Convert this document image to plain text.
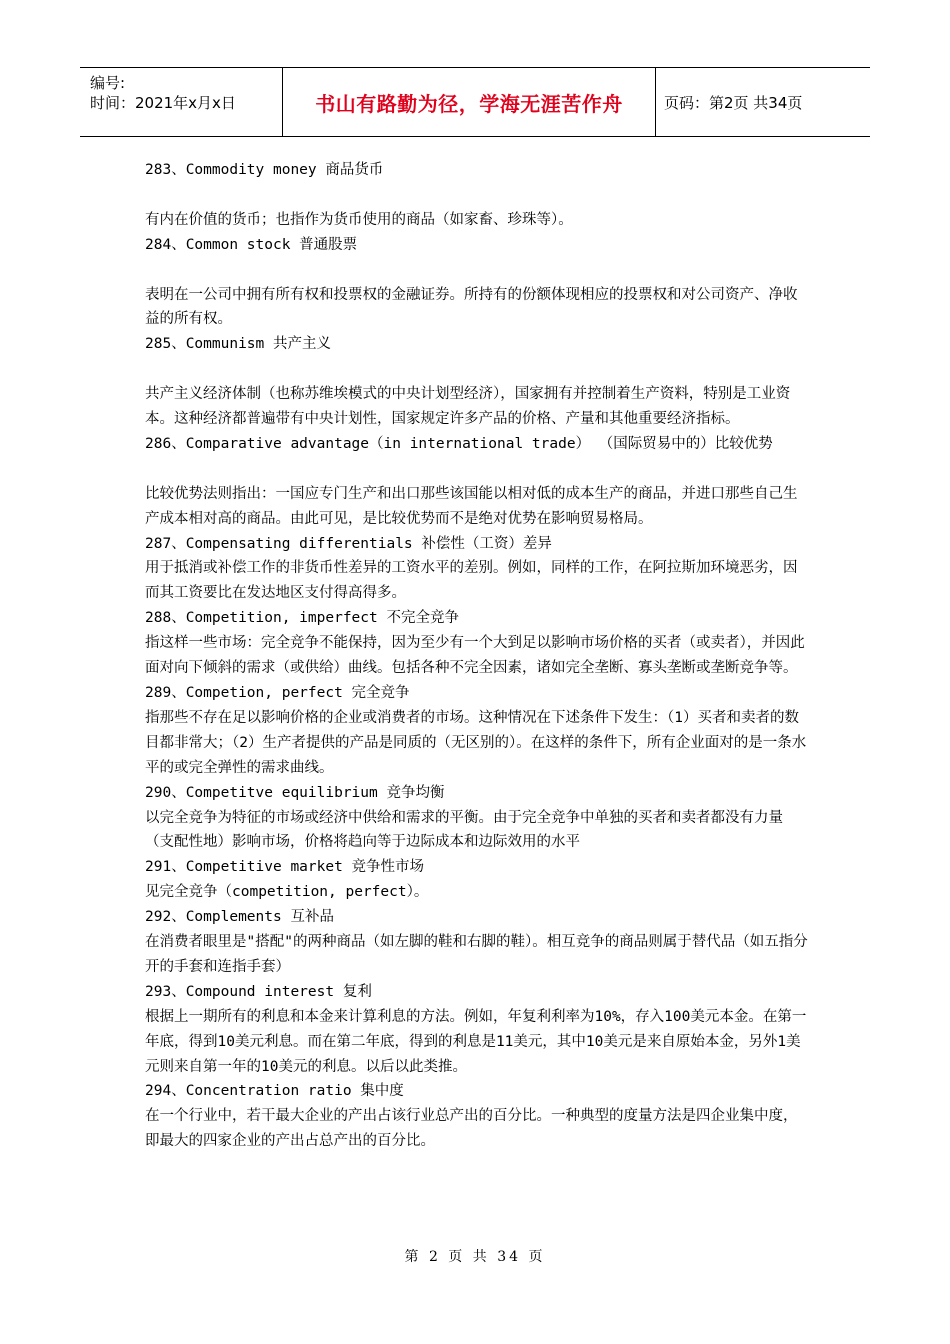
编号:
时间：2021年x月x日	书山有路勤为径，学海无涯苦作舟	页码：第2页 共34页

283、Commodity money 商品货币

有内在价值的货币；也指作为货币使用的商品（如家畜、珍珠等）。

284、Common stock 普通股票

表明在一公司中拥有所有权和投票权的金融证券。所持有的份额体现相应的投票权和对公司资产、净收益的所有权。

285、Communism 共产主义

共产主义经济体制（也称苏维埃模式的中央计划型经济），国家拥有并控制着生产资料，特别是工业资本。这种经济都普遍带有中央计划性，国家规定许多产品的价格、产量和其他重要经济指标。

286、Comparative advantage（in international trade） （国际贸易中的）比较优势

比较优势法则指出：一国应专门生产和出口那些该国能以相对低的成本生产的商品，并进口那些自己生产成本相对高的商品。由此可见，是比较优势而不是绝对优势在影响贸易格局。

287、Compensating differentials 补偿性（工资）差异

用于抵消或补偿工作的非货币性差异的工资水平的差别。例如，同样的工作，在阿拉斯加环境恶劣，因而其工资要比在发达地区支付得高得多。

288、Competition, imperfect 不完全竞争

指这样一些市场：完全竞争不能保持，因为至少有一个大到足以影响市场价格的买者（或卖者），并因此面对向下倾斜的需求（或供给）曲线。包括各种不完全因素，诸如完全垄断、寡头垄断或垄断竞争等。

289、Competion, perfect 完全竞争

指那些不存在足以影响价格的企业或消费者的市场。这种情况在下述条件下发生：（1）买者和卖者的数目都非常大；（2）生产者提供的产品是同质的（无区别的）。在这样的条件下，所有企业面对的是一条水平的或完全弹性的需求曲线。

290、Competitve equilibrium 竞争均衡

以完全竞争为特征的市场或经济中供给和需求的平衡。由于完全竞争中单独的买者和卖者都没有力量（支配性地）影响市场，价格将趋向等于边际成本和边际效用的水平

291、Competitive market 竞争性市场

见完全竞争（competition, perfect）。

292、Complements 互补品

在消费者眼里是"搭配"的两种商品（如左脚的鞋和右脚的鞋）。相互竞争的商品则属于替代品（如五指分开的手套和连指手套）

293、Compound interest 复利

根据上一期所有的利息和本金来计算利息的方法。例如，年复利利率为10%，存入100美元本金。在第一年底，得到10美元利息。而在第二年底，得到的利息是11美元，其中10美元是来自原始本金，另外1美元则来自第一年的10美元的利息。以后以此类推。

294、Concentration ratio 集中度

在一个行业中，若干最大企业的产出占该行业总产出的百分比。一种典型的度量方法是四企业集中度，即最大的四家企业的产出占总产出的百分比。

第 2 页 共 34 页
